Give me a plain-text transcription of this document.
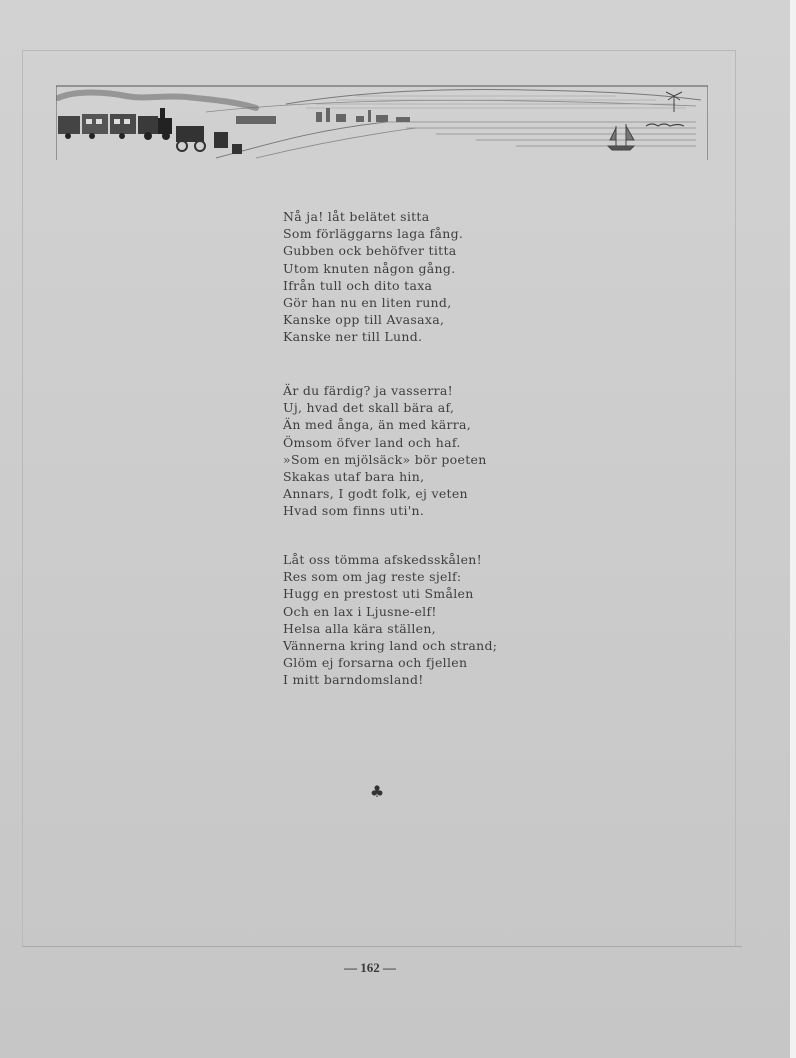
Nå ja! låt belätet sitta
Som förläggarns laga fång.
Gubben ock behöfver titta
Utom knuten någon gång.
Ifrån tull och dito taxa
Gör han nu en liten rund,
Kanske opp till Avasaxa,
Kanske ner till Lund.
Är du färdig? ja vasserra!
Uj, hvad det skall bära af,
Än med ånga, än med kärra,
Ömsom öfver land och haf.
»Som en mjölsäck» bör poeten
Skakas utaf bara hin,
Annars, I godt folk, ej veten
Hvad som finns uti'n.
Låt oss tömma afskedsskålen!
Res som om jag reste sjelf:
Hugg en prestost uti Smålen
Och en lax i Ljusne-elf!
Helsa alla kära ställen,
Vännerna kring land och strand;
Glöm ej forsarna och fjellen
I mitt barndomsland!
♣
— 162 —
